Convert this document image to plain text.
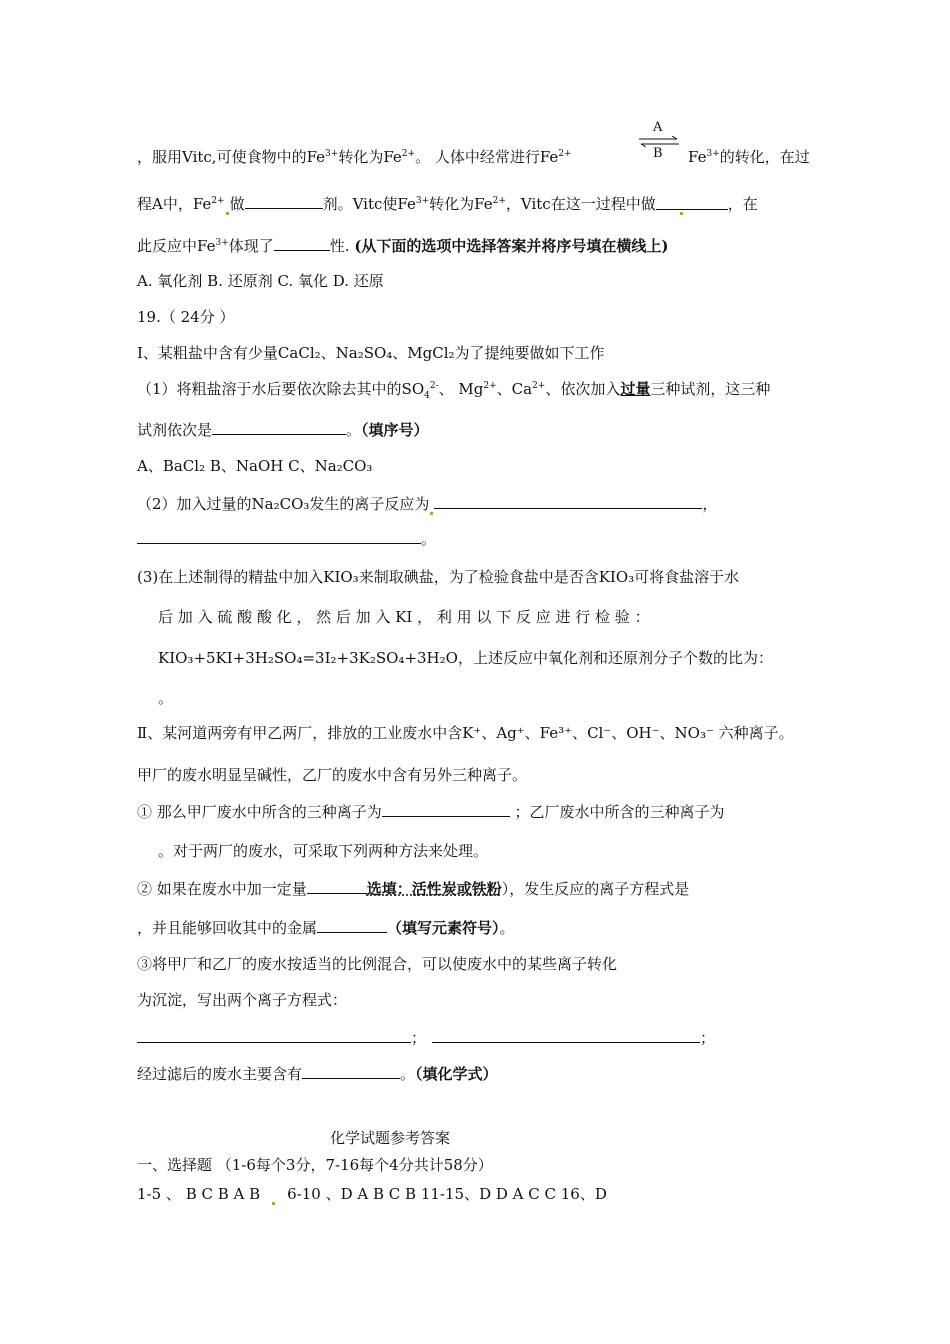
，服用Vitc,可使食物中的$Fe^{3+}$转化为$Fe^{2+}$。 人体中经常进行$Fe^{2+}$
A
B $Fe^{3+}$的转化，在过
程A中，$Fe^{2+}$ 做	剂。Vitc使$Fe^{3+}$转化为$Fe^{2+}$，Vitc在这一过程中做	，在
此反应中$Fe^{3+}$体现了	性. (从下面的选项中选择答案并将序号填在横线上)
A. 氧化剂 B. 还原剂 C. 氧化 D. 还原
19.（ 24分 ）
Ⅰ、某粗盐中含有少量CaCl₂、Na₂SO₄、MgCl₂为了提纯要做如下工作
（1）将粗盐溶于水后要依次除去其中的$SO_4^{2-}$、 $Mg^{2+}$、$Ca^{2+}$、依次加入过量三种试剂，这三种
试剂依次是	。（填序号）
A、BaCl₂ B、NaOH C、Na₂CO₃
（2）加入过量的Na₂CO₃发生的离子反应为	，
。
(3)在上述制得的精盐中加入KIO₃来制取碘盐，为了检验食盐中是否含KIO₃可将食盐溶于水
后 加 入 硫 酸 酸 化 ， 然 后 加 入 KI ， 利 用 以 下 反 应 进 行 检 验 ：
KIO₃+5KI+3H₂SO₄=3I₂+3K₂SO₄+3H₂O，上述反应中氧化剂和还原剂分子个数的比为：
。
Ⅱ、某河道两旁有甲乙两厂，排放的工业废水中含K⁺、Ag⁺、Fe³⁺、Cl⁻、OH⁻、NO₃⁻ 六种离子。
甲厂的废水明显呈碱性，乙厂的废水中含有另外三种离子。
① 那么甲厂废水中所含的三种离子为	；乙厂废水中所含的三种离子为
。对于两厂的废水，可采取下列两种方法来处理。
② 如果在废水中加一定量	选填：活性炭或铁粉），发生反应的离子方程式是
，并且能够回收其中的金属	（填写元素符号）。
③将甲厂和乙厂的废水按适当的比例混合，可以使废水中的某些离子转化
为沉淀，写出两个离子方程式：
；	；
经过滤后的废水主要含有	。（填化学式）
化学试题参考答案
一、选择题 （1-6每个3分，7-16每个4分共计58分）
1-5 、 B C B A B 6-10 、D A B C B 11-15、D D A C C 16、D
